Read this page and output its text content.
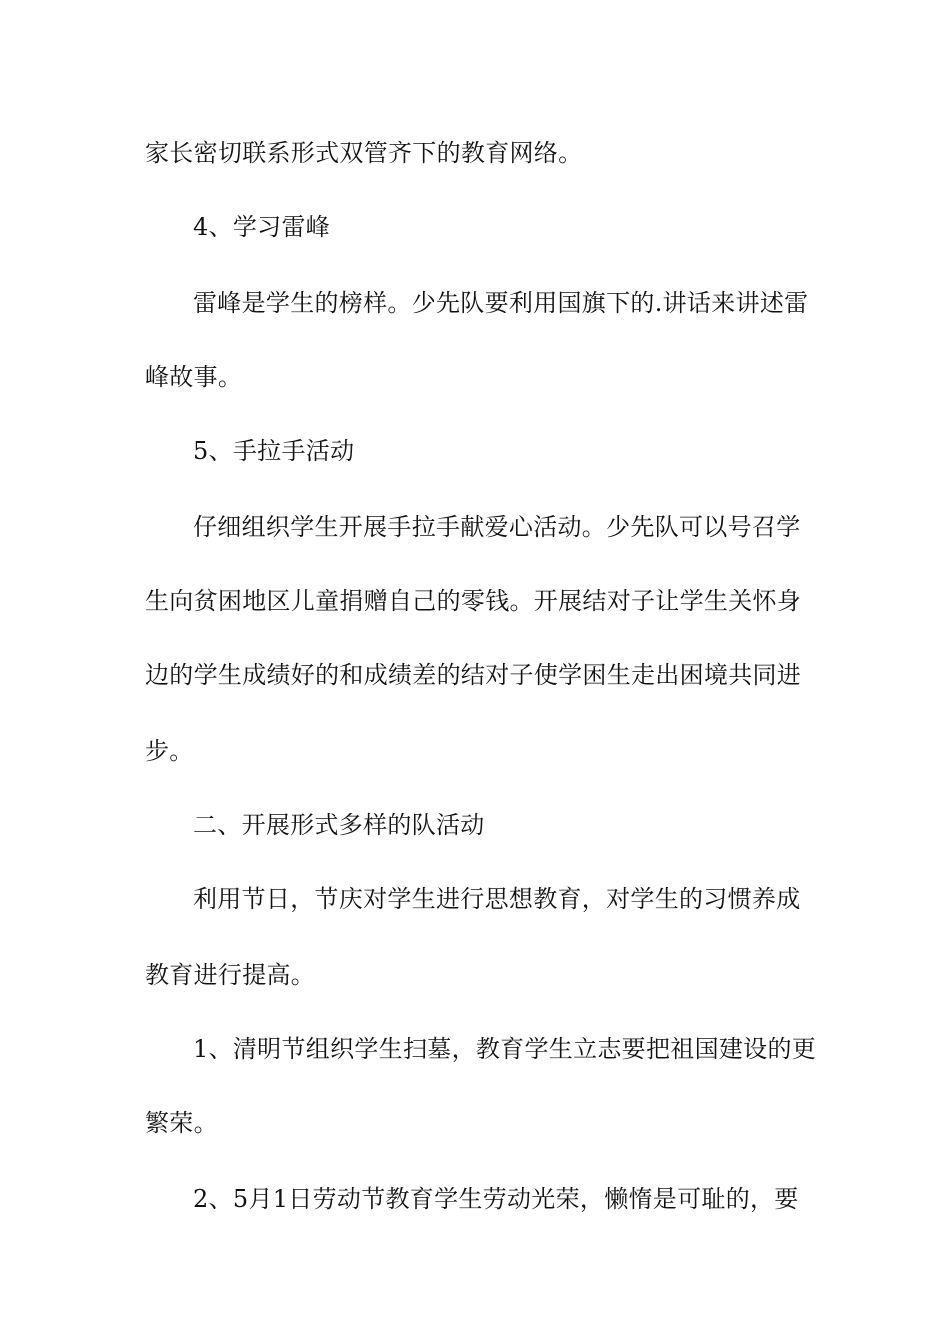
家长密切联系形式双管齐下的教育网络。
4、学习雷峰
雷峰是学生的榜样。少先队要利用国旗下的.讲话来讲述雷
峰故事。
5、手拉手活动
仔细组织学生开展手拉手献爱心活动。少先队可以号召学
生向贫困地区儿童捐赠自己的零钱。开展结对子让学生关怀身
边的学生成绩好的和成绩差的结对子使学困生走出困境共同进
步。
二、开展形式多样的队活动
利用节日，节庆对学生进行思想教育，对学生的习惯养成
教育进行提高。
1、清明节组织学生扫墓，教育学生立志要把祖国建设的更
繁荣。
2、5月1日劳动节教育学生劳动光荣，懒惰是可耻的，要
